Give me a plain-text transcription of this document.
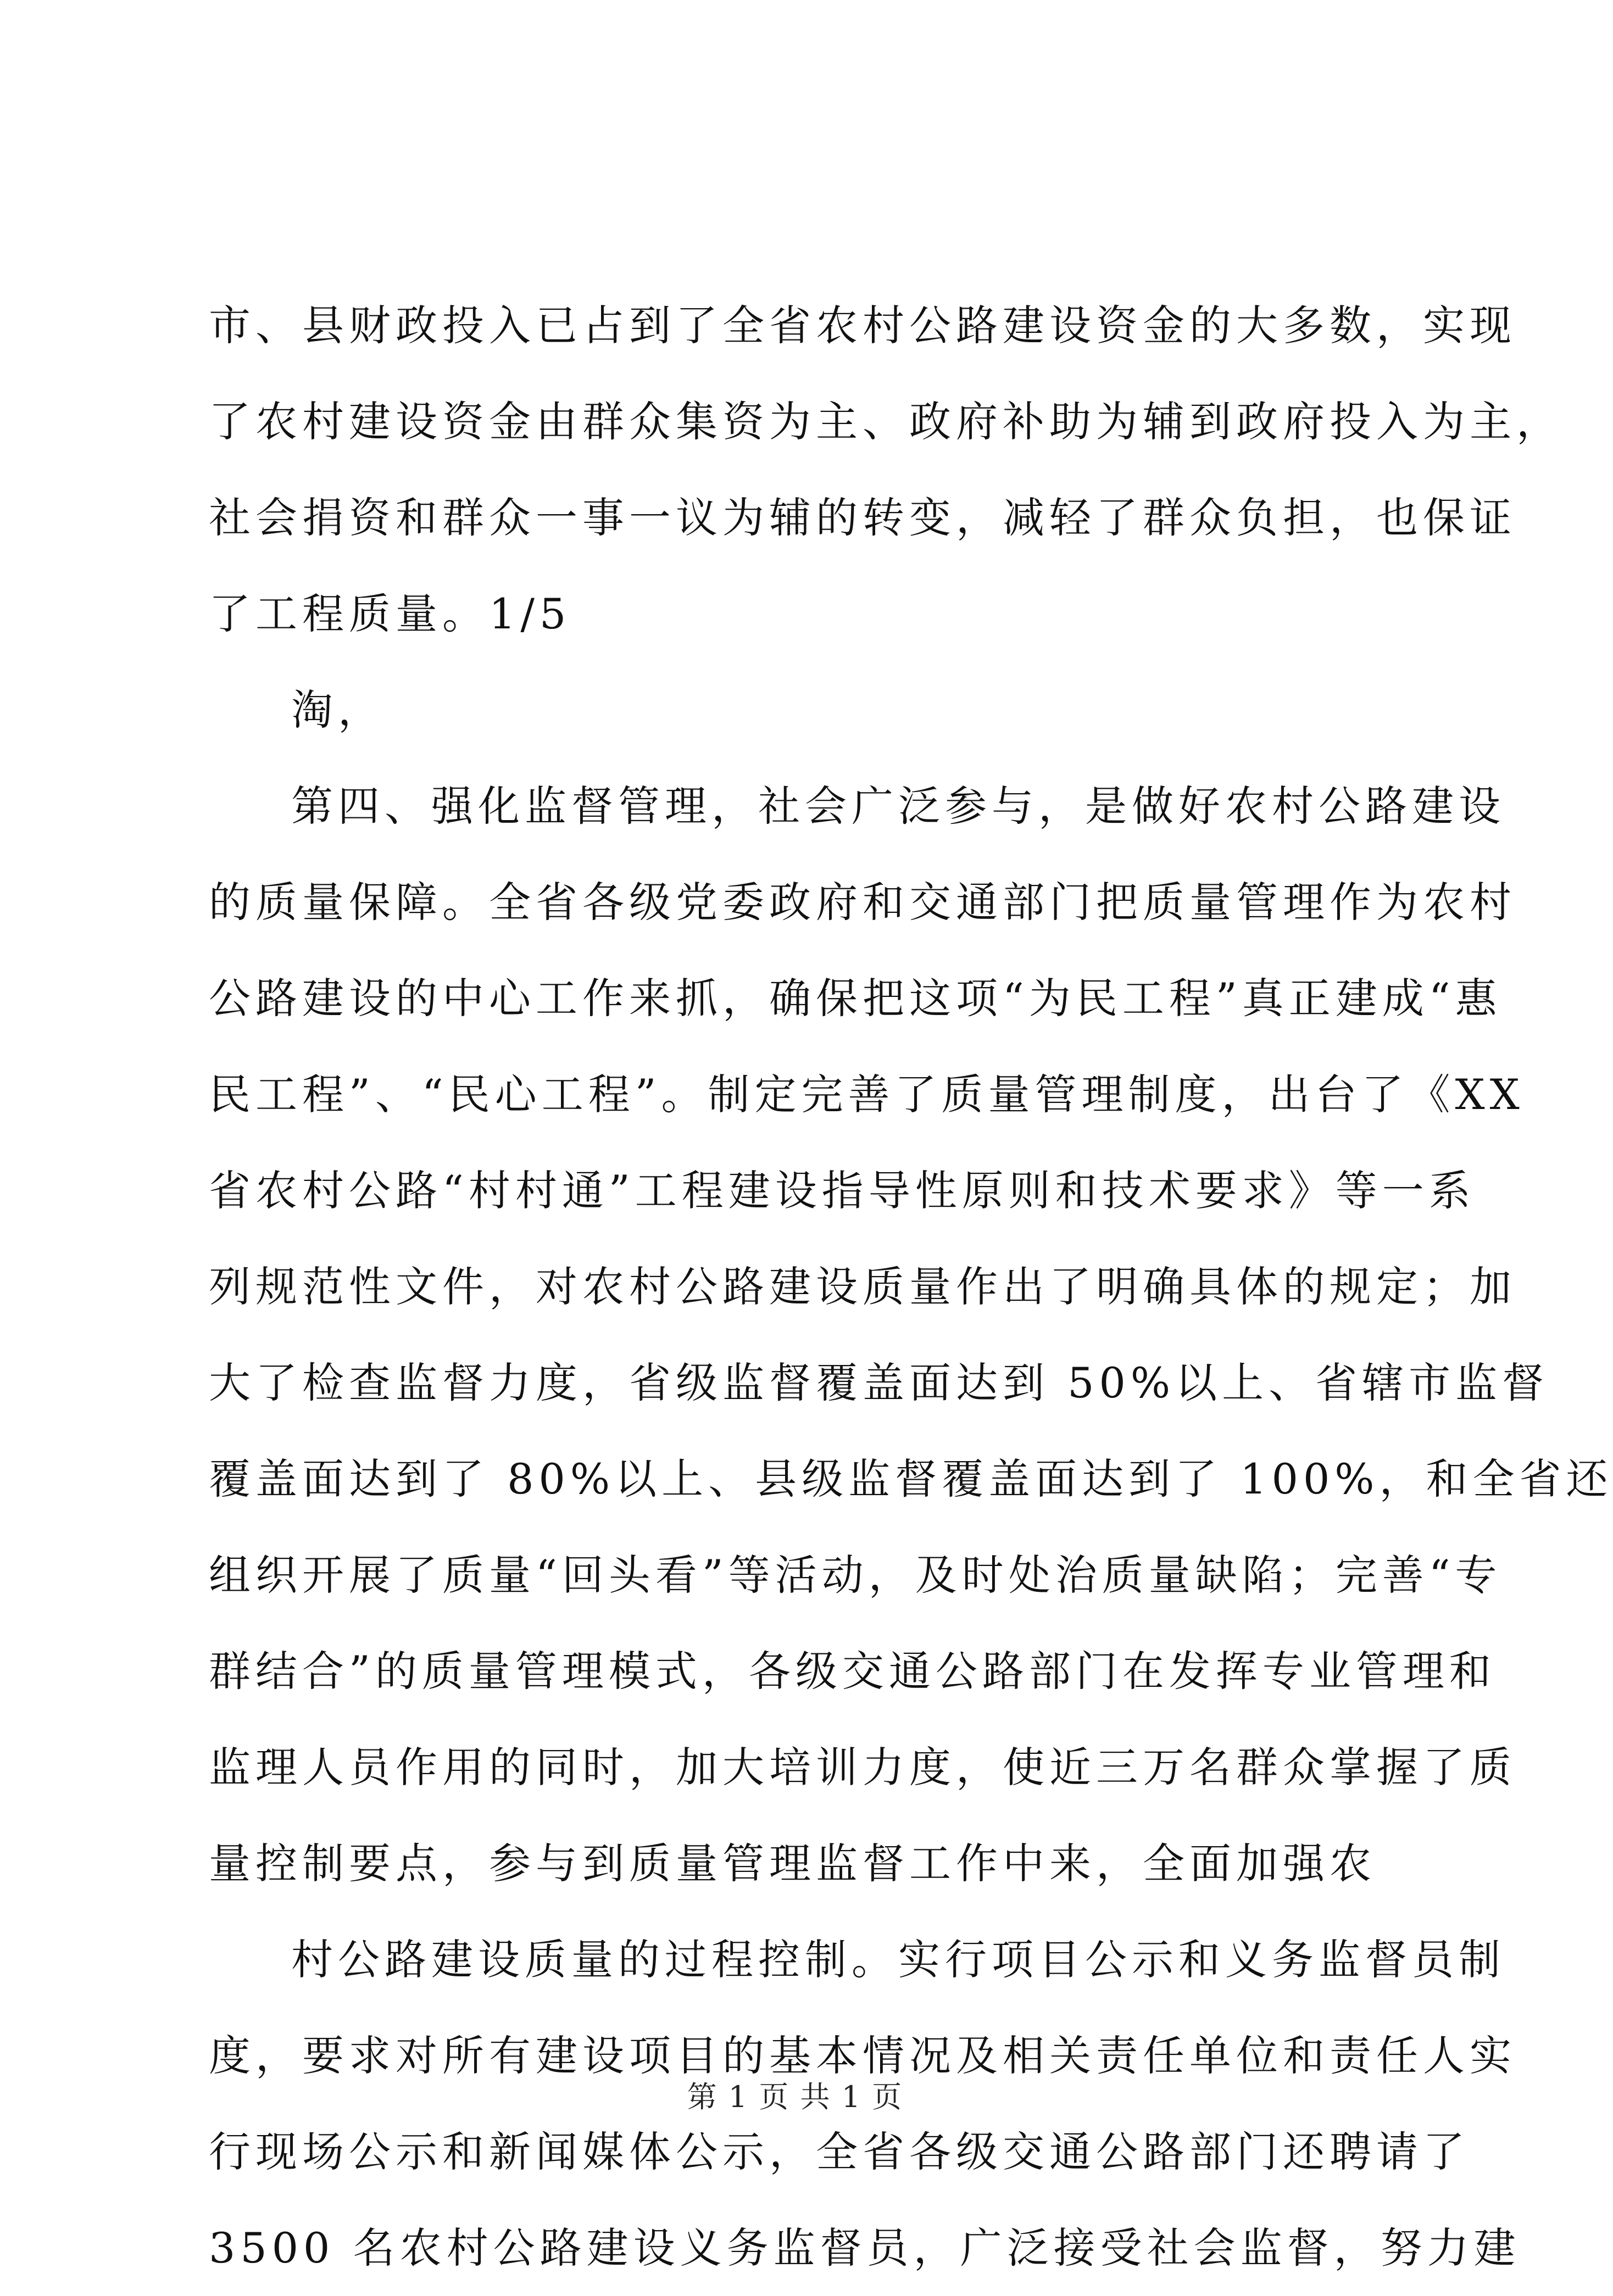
市、县财政投入已占到了全省农村公路建设资金的大多数，实现
了农村建设资金由群众集资为主、政府补助为辅到政府投入为主，
社会捐资和群众一事一议为辅的转变，减轻了群众负担，也保证
了工程质量。1/5
淘，
第四、强化监督管理，社会广泛参与，是做好农村公路建设
的质量保障。全省各级党委政府和交通部门把质量管理作为农村
公路建设的中心工作来抓，确保把这项“为民工程”真正建成“惠
民工程”、“民心工程”。制定完善了质量管理制度，出台了《XX
省农村公路“村村通”工程建设指导性原则和技术要求》等一系
列规范性文件，对农村公路建设质量作出了明确具体的规定；加
大了检查监督力度，省级监督覆盖面达到 50%以上、省辖市监督
覆盖面达到了 80%以上、县级监督覆盖面达到了 100%，和全省还
组织开展了质量“回头看”等活动，及时处治质量缺陷；完善“专
群结合”的质量管理模式，各级交通公路部门在发挥专业管理和
监理人员作用的同时，加大培训力度，使近三万名群众掌握了质
量控制要点，参与到质量管理监督工作中来，全面加强农
村公路建设质量的过程控制。实行项目公示和义务监督员制
度，要求对所有建设项目的基本情况及相关责任单位和责任人实
行现场公示和新闻媒体公示，全省各级交通公路部门还聘请了
3500 名农村公路建设义务监督员，广泛接受社会监督，努力建
第 1 页 共 1 页
